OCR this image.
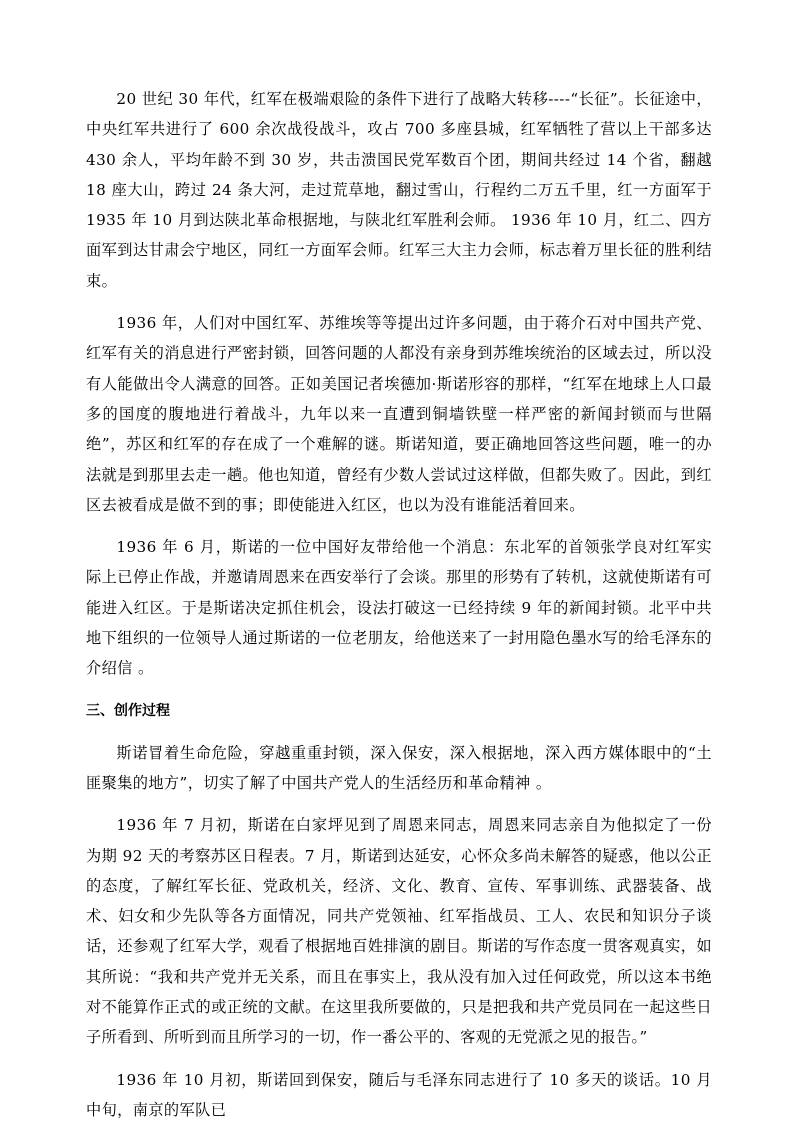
20 世纪 30 年代，红军在极端艰险的条件下进行了战略大转移----“长征”。长征途中，中央红军共进行了 600 余次战役战斗，攻占 700 多座县城，红军牺牲了营以上干部多达 430 余人，平均年龄不到 30 岁，共击溃国民党军数百个团，期间共经过 14 个省，翻越 18 座大山，跨过 24 条大河，走过荒草地，翻过雪山，行程约二万五千里，红一方面军于 1935 年 10 月到达陕北革命根据地，与陕北红军胜利会师。 1936 年 10 月，红二、四方面军到达甘肃会宁地区，同红一方面军会师。红军三大主力会师，标志着万里长征的胜利结束。

1936 年，人们对中国红军、苏维埃等等提出过许多问题，由于蒋介石对中国共产党、红军有关的消息进行严密封锁，回答问题的人都没有亲身到苏维埃统治的区域去过，所以没有人能做出令人满意的回答。正如美国记者埃德加·斯诺形容的那样，“红军在地球上人口最多的国度的腹地进行着战斗，九年以来一直遭到铜墙铁壁一样严密的新闻封锁而与世隔绝”，苏区和红军的存在成了一个难解的谜。斯诺知道，要正确地回答这些问题，唯一的办法就是到那里去走一趟。他也知道，曾经有少数人尝试过这样做，但都失败了。因此，到红区去被看成是做不到的事；即使能进入红区，也以为没有谁能活着回来。

1936 年 6 月，斯诺的一位中国好友带给他一个消息：东北军的首领张学良对红军实际上已停止作战，并邀请周恩来在西安举行了会谈。那里的形势有了转机，这就使斯诺有可能进入红区。于是斯诺决定抓住机会，设法打破这一已经持续 9 年的新闻封锁。北平中共地下组织的一位领导人通过斯诺的一位老朋友，给他送来了一封用隐色墨水写的给毛泽东的介绍信 。

三、创作过程

斯诺冒着生命危险，穿越重重封锁，深入保安，深入根据地，深入西方媒体眼中的“土匪聚集的地方”，切实了解了中国共产党人的生活经历和革命精神 。

1936 年 7 月初，斯诺在白家坪见到了周恩来同志，周恩来同志亲自为他拟定了一份为期 92 天的考察苏区日程表。7 月，斯诺到达延安，心怀众多尚未解答的疑惑，他以公正的态度，了解红军长征、党政机关，经济、文化、教育、宣传、军事训练、武器装备、战术、妇女和少先队等各方面情况，同共产党领袖、红军指战员、工人、农民和知识分子谈话，还参观了红军大学，观看了根据地百姓排演的剧目。斯诺的写作态度一贯客观真实，如其所说：“我和共产党并无关系，而且在事实上，我从没有加入过任何政党，所以这本书绝对不能算作正式的或正统的文献。在这里我所要做的，只是把我和共产党员同在一起这些日子所看到、所听到而且所学习的一切，作一番公平的、客观的无党派之见的报告。”

1936 年 10 月初，斯诺回到保安，随后与毛泽东同志进行了 10 多天的谈话。10 月中旬，南京的军队已
